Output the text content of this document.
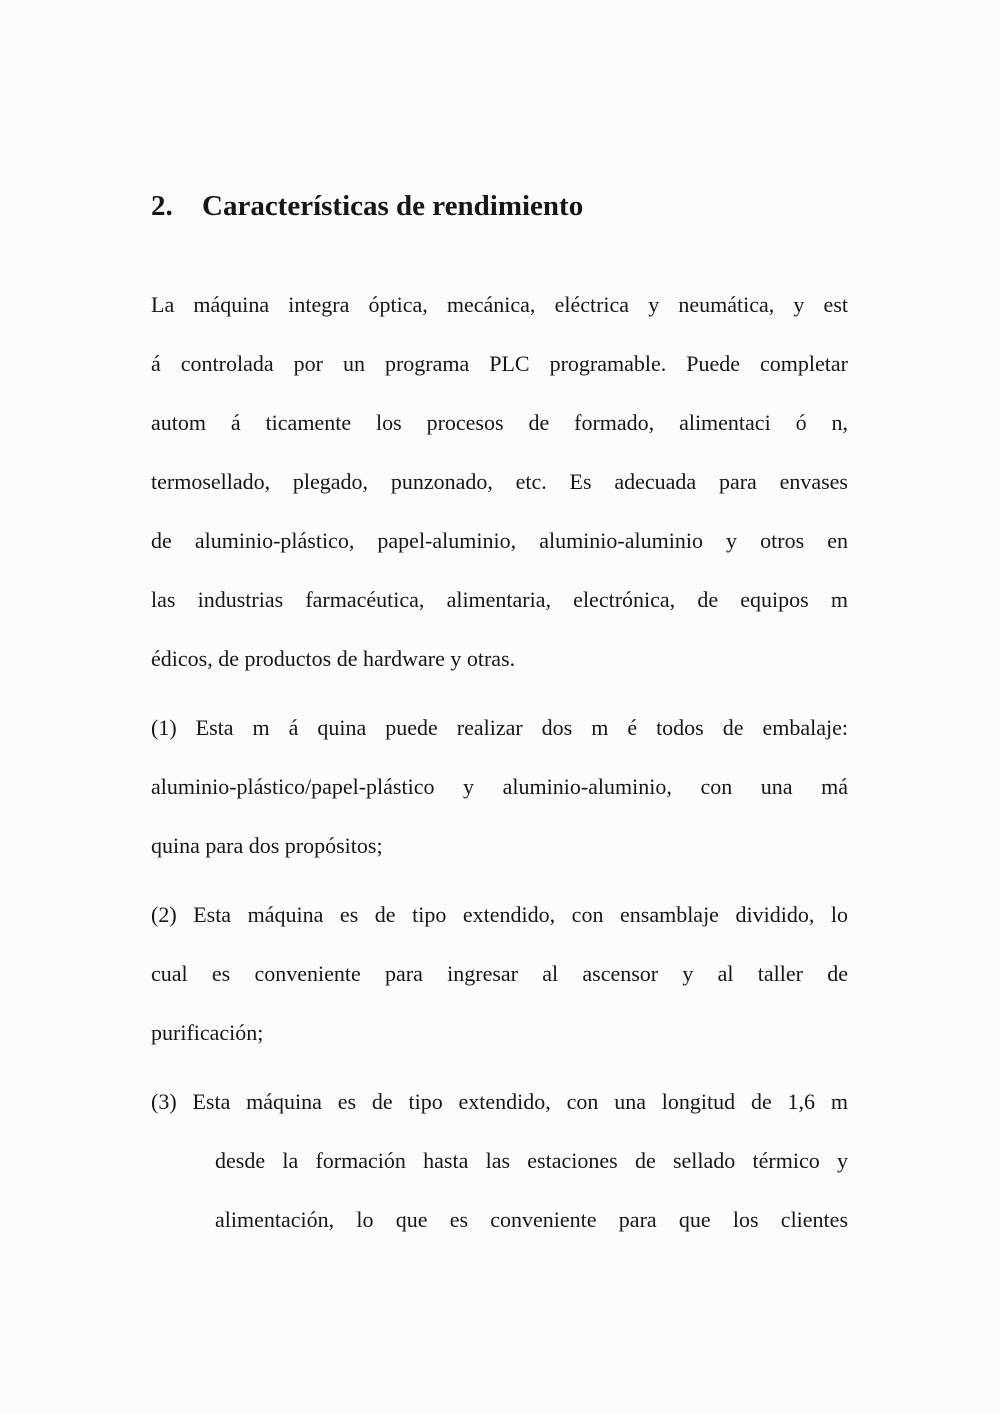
2. Características de rendimiento
La máquina integra óptica, mecánica, eléctrica y neumática, y est
á controlada por un programa PLC programable. Puede completar
autom á ticamente los procesos de formado, alimentaci ó n,
termosellado, plegado, punzonado, etc. Es adecuada para envases
de aluminio-plástico, papel-aluminio, aluminio-aluminio y otros en
las industrias farmacéutica, alimentaria, electrónica, de equipos m
édicos, de productos de hardware y otras.
(1) Esta m á quina puede realizar dos m é todos de embalaje:
aluminio-plástico/papel-plástico y aluminio-aluminio, con una má
quina para dos propósitos;
(2) Esta máquina es de tipo extendido, con ensamblaje dividido, lo
cual es conveniente para ingresar al ascensor y al taller de
purificación;
(3) Esta máquina es de tipo extendido, con una longitud de 1,6 m
desde la formación hasta las estaciones de sellado térmico y
alimentación, lo que es conveniente para que los clientes
